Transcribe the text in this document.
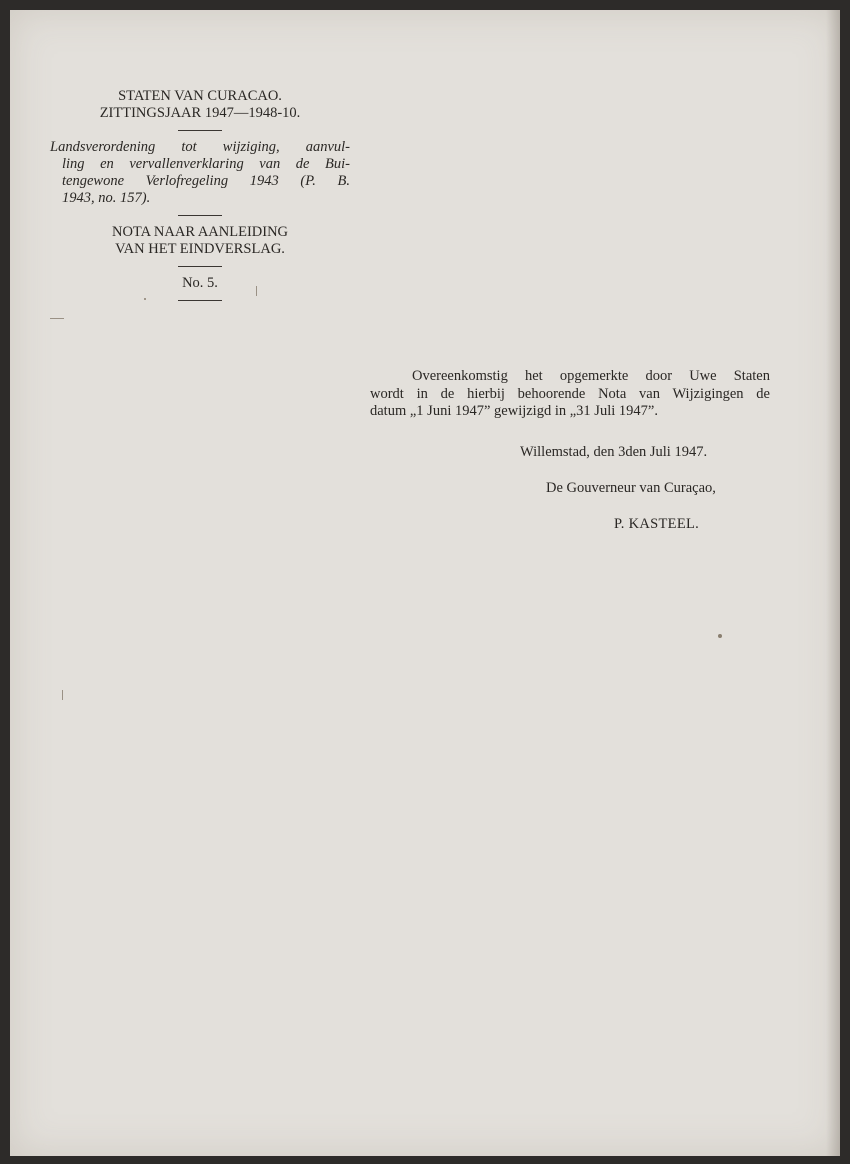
STATEN VAN CURACAO.
ZITTINGSJAAR 1947—1948-10.
Landsverordening tot wijziging, aanvul-
ling en vervallenverklaring van de Bui-
tengewone Verlofregeling 1943 (P. B.
1943, no. 157).
NOTA NAAR AANLEIDING
VAN HET EINDVERSLAG.
No. 5.
Overeenkomstig het opgemerkte door Uwe Staten
wordt in de hierbij behoorende Nota van Wijzigingen de
datum „1 Juni 1947” gewijzigd in „31 Juli 1947”.
Willemstad, den 3den Juli 1947.
De Gouverneur van Curaçao,
P. KASTEEL.
